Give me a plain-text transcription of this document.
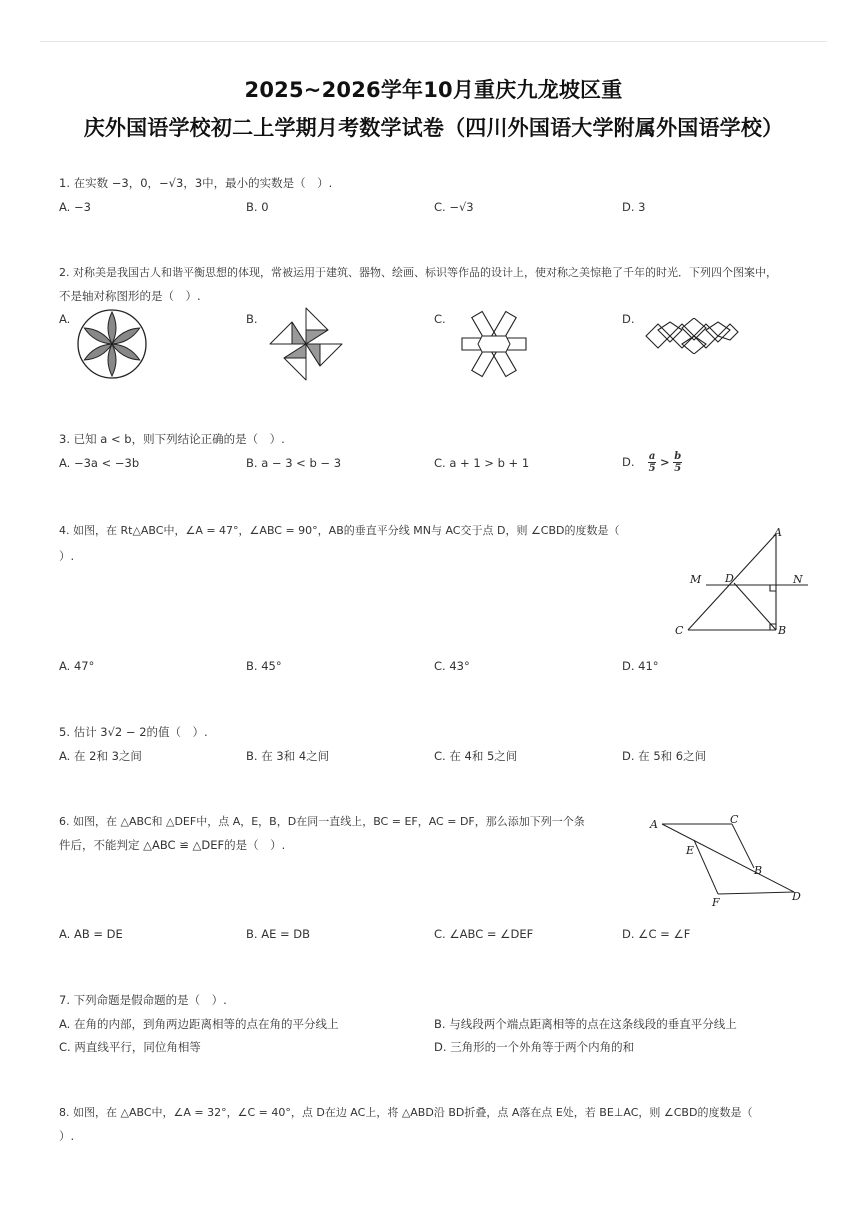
2025~2026学年10月重庆九龙坡区重
庆外国语学校初二上学期月考数学试卷（四川外国语大学附属外国语学校）
1. 在实数 −3，0，−√3，3中，最小的实数是（　）.
A. −3	B. 0	C. −√3	D. 3
2. 对称美是我国古人和谐平衡思想的体现，常被运用于建筑、器物、绘画、标识等作品的设计上，使对称之美惊艳了千年的时光．下列四个图案中，
不是轴对称图形的是（　）.
A.	B.	C.	D.
3. 已知 a < b，则下列结论正确的是（　）.
A. −3a < −3b	B. a − 3 < b − 3	C. a + 1 > b + 1	D. $\frac{a}{5} > \frac{b}{5}$
4. 如图，在 Rt△ABC中，∠A = 47°，∠ABC = 90°，AB的垂直平分线 MN与 AC交于点 D，则 ∠CBD的度数是（
）.
A
B
C
D
M	N
A. 47°	B. 45°	C. 43°	D. 41°
5. 估计 3√2 − 2的值（　）.
A. 在 2和 3之间	B. 在 3和 4之间	C. 在 4和 5之间	D. 在 5和 6之间
6. 如图，在 △ABC和 △DEF中，点 A，E，B，D在同一直线上，BC = EF，AC = DF，那么添加下列一个条
件后，不能判定 △ABC ≌ △DEF的是（　）.
A	C
E
B
F	D
A. AB = DE	B. AE = DB	C. ∠ABC = ∠DEF	D. ∠C = ∠F
7. 下列命题是假命题的是（　）.
A. 在角的内部，到角两边距离相等的点在角的平分线上	B. 与线段两个端点距离相等的点在这条线段的垂直平分线上
C. 两直线平行，同位角相等	D. 三角形的一个外角等于两个内角的和
8. 如图，在 △ABC中，∠A = 32°，∠C = 40°，点 D在边 AC上，将 △ABD沿 BD折叠，点 A落在点 E处，若 BE⊥AC，则 ∠CBD的度数是（
）.
